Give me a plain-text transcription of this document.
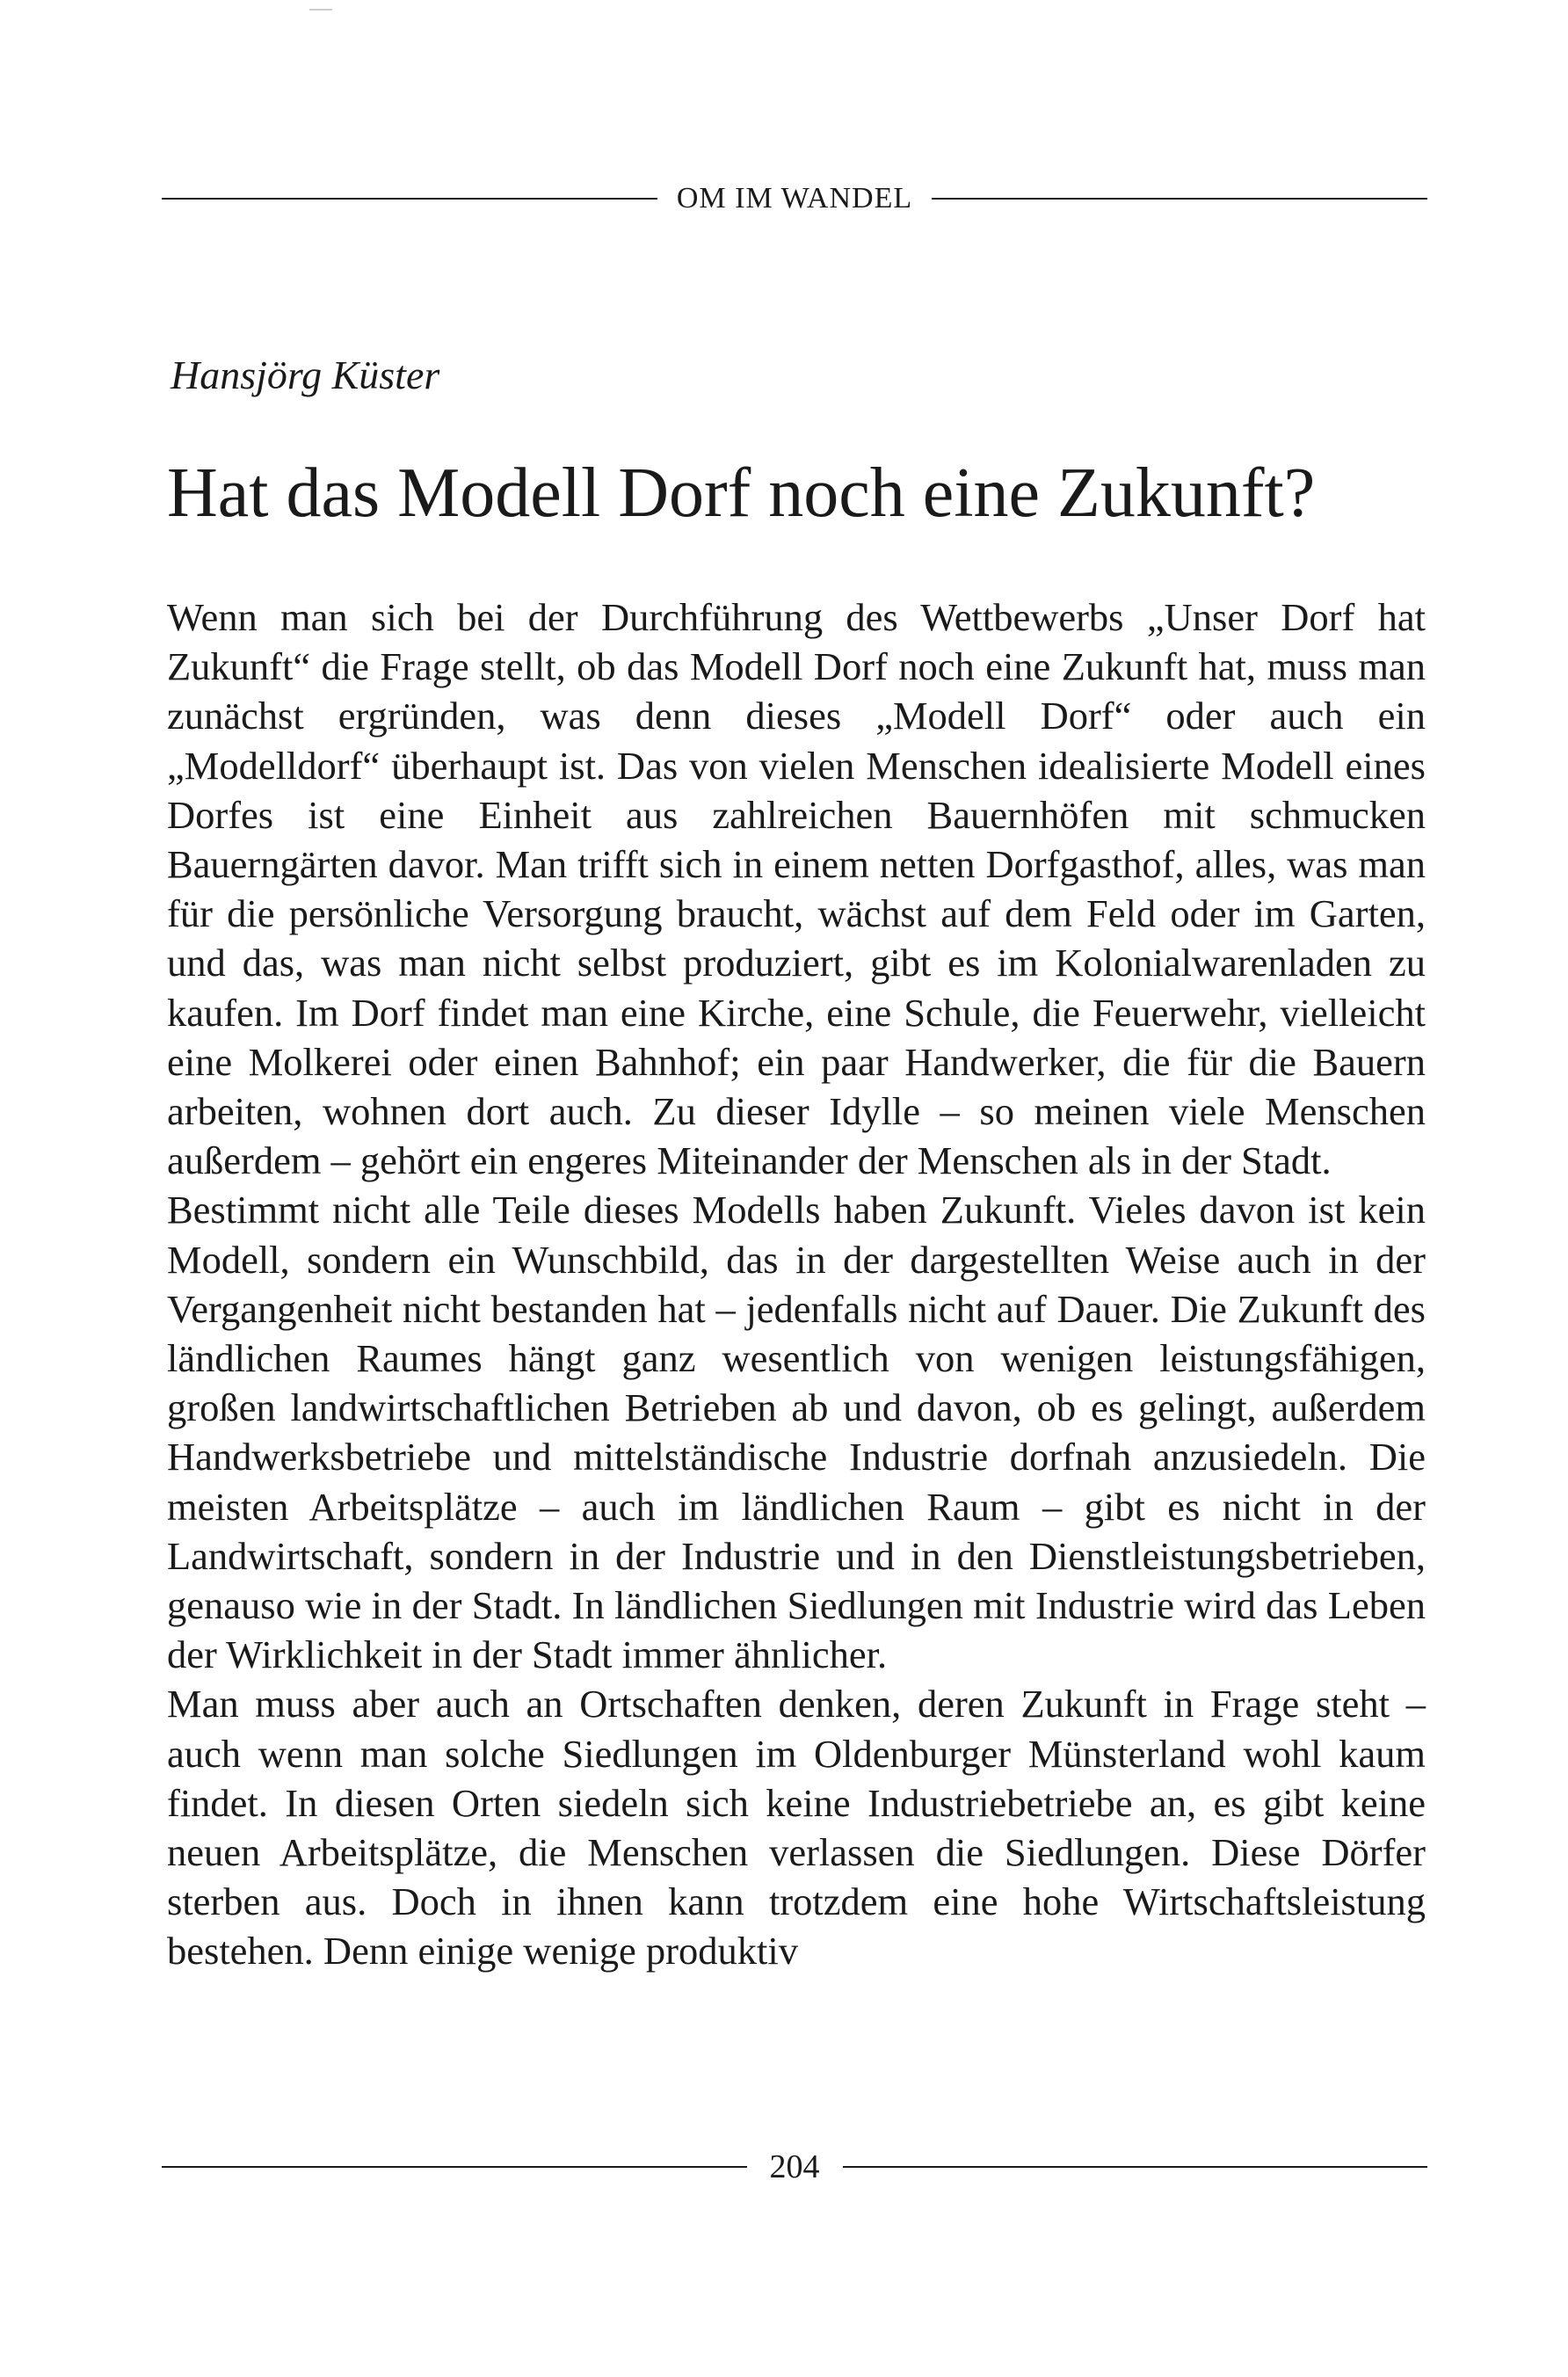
OM IM WANDEL
Hansjörg Küster
Hat das Modell Dorf noch eine Zukunft?

Wenn man sich bei der Durchführung des Wettbewerbs „Unser Dorf hat Zukunft“ die Frage stellt, ob das Modell Dorf noch eine Zukunft hat, muss man zunächst ergründen, was denn dieses „Modell Dorf“ oder auch ein „Modelldorf“ überhaupt ist. Das von vielen Menschen idealisierte Modell eines Dorfes ist eine Einheit aus zahlreichen Bauernhöfen mit schmucken Bauerngärten davor. Man trifft sich in einem netten Dorfgasthof, alles, was man für die persönliche Versorgung braucht, wächst auf dem Feld oder im Garten, und das, was man nicht selbst produziert, gibt es im Kolonialwarenladen zu kaufen. Im Dorf findet man eine Kirche, eine Schule, die Feuerwehr, vielleicht eine Molkerei oder einen Bahnhof; ein paar Handwerker, die für die Bauern arbeiten, wohnen dort auch. Zu dieser Idylle – so meinen viele Menschen außerdem – gehört ein engeres Miteinander der Menschen als in der Stadt.

Bestimmt nicht alle Teile dieses Modells haben Zukunft. Vieles davon ist kein Modell, sondern ein Wunschbild, das in der dargestellten Weise auch in der Vergangenheit nicht bestanden hat – jedenfalls nicht auf Dauer. Die Zukunft des ländlichen Raumes hängt ganz wesentlich von wenigen leistungsfähigen, großen landwirtschaftlichen Betrieben ab und davon, ob es gelingt, außerdem Handwerksbetriebe und mittelständische Industrie dorfnah anzusiedeln. Die meisten Arbeitsplätze – auch im ländlichen Raum – gibt es nicht in der Landwirtschaft, sondern in der Industrie und in den Dienstleistungsbetrieben, genauso wie in der Stadt. In ländlichen Siedlungen mit Industrie wird das Leben der Wirklichkeit in der Stadt immer ähnlicher.

Man muss aber auch an Ortschaften denken, deren Zukunft in Frage steht – auch wenn man solche Siedlungen im Oldenburger Münsterland wohl kaum findet. In diesen Orten siedeln sich keine Industriebetriebe an, es gibt keine neuen Arbeitsplätze, die Menschen verlassen die Siedlungen. Diese Dörfer sterben aus. Doch in ihnen kann trotzdem eine hohe Wirtschaftsleistung bestehen. Denn einige wenige produktiv

204
